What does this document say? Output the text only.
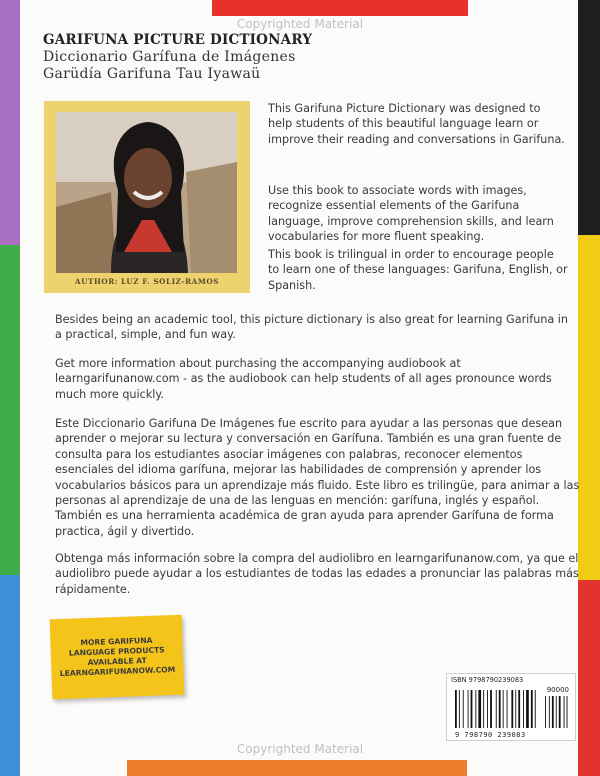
Copyrighted Material
Copyrighted Material
GARIFUNA PICTURE DICTIONARY
Diccionario Garífuna de Imágenes
Garüdía Garifuna Tau Iyawaü
AUTHOR: LUZ F. SOLIZ-RAMOS

This Garifuna Picture Dictionary was designed to help students of this beautiful language learn or improve their reading and conversations in Garifuna.

Use this book to associate words with images, recognize essential elements of the Garifuna language, improve comprehension skills, and learn vocabularies for more fluent speaking.

This book is trilingual in order to encourage people to learn one of these languages: Garifuna, English, or Spanish.

Besides being an academic tool, this picture dictionary is also great for learning Garifuna in a practical, simple, and fun way.

Get more information about purchasing the accompanying audiobook at learngarifunanow.com - as the audiobook can help students of all ages pronounce words much more quickly.

Este Diccionario Garifuna De Imágenes fue escrito para ayudar a las personas que desean aprender o mejorar su lectura y conversación en Garífuna. También es una gran fuente de consulta para los estudiantes asociar imágenes con palabras, reconocer elementos esenciales del idioma garífuna, mejorar las habilidades de comprensión y aprender los vocabularios básicos para un aprendizaje más fluido. Este libro es trilingüe, para animar a las personas al aprendizaje de una de las lenguas en mención: garífuna, inglés y español. También es una herramienta académica de gran ayuda para aprender Garífuna de forma practica, ágil y divertido.

Obtenga más información sobre la compra del audiolibro en learngarifunanow.com, ya que el audiolibro puede ayudar a los estudiantes de todas las edades a pronunciar las palabras más rápidamente.

MORE GARIFUNA LANGUAGE PRODUCTS AVAILABLE AT LEARNGARIFUNANOW.COM
ISBN 9798790239083
90000
9 798790 239083
